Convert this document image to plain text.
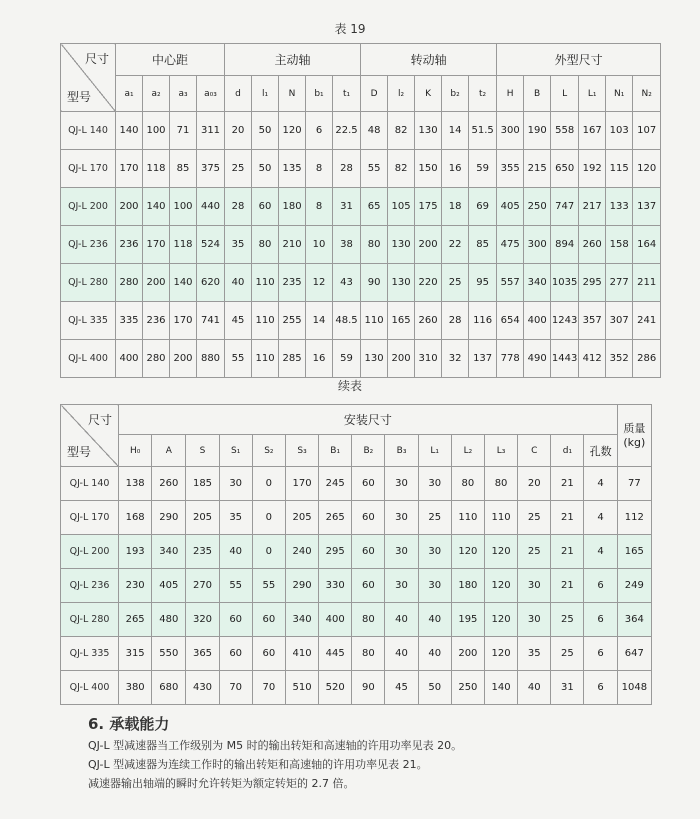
表 19
尺寸
型号	中心距				主动轴					转动轴					外型尺寸					
	a₁	a₂	a₃	a₀₃	d	l₁	N	b₁	t₁	D	l₂	K	b₂	t₂	H	B	L	L₁	N₁	N₂
QJ-L 140	140	100	71	311	20	50	120	6	22.5	48	82	130	14	51.5	300	190	558	167	103	107
QJ-L 170	170	118	85	375	25	50	135	8	28	55	82	150	16	59	355	215	650	192	115	120
QJ-L 200	200	140	100	440	28	60	180	8	31	65	105	175	18	69	405	250	747	217	133	137
QJ-L 236	236	170	118	524	35	80	210	10	38	80	130	200	22	85	475	300	894	260	158	164
QJ-L 280	280	200	140	620	40	110	235	12	43	90	130	220	25	95	557	340	1035	295	277	211
QJ-L 335	335	236	170	741	45	110	255	14	48.5	110	165	260	28	116	654	400	1243	357	307	241
QJ-L 400	400	280	200	880	55	110	285	16	59	130	200	310	32	137	778	490	1443	412	352	286
续表
尺寸
型号	安装尺寸															质量
(kg)
	H₀	A	S	S₁	S₂	S₃	B₁	B₂	B₃	L₁	L₂	L₃	C	d₁	孔数	
QJ-L 140	138	260	185	30	0	170	245	60	30	30	80	80	20	21	4	77
QJ-L 170	168	290	205	35	0	205	265	60	30	25	110	110	25	21	4	112
QJ-L 200	193	340	235	40	0	240	295	60	30	30	120	120	25	21	4	165
QJ-L 236	230	405	270	55	55	290	330	60	30	30	180	120	30	21	6	249
QJ-L 280	265	480	320	60	60	340	400	80	40	40	195	120	30	25	6	364
QJ-L 335	315	550	365	60	60	410	445	80	40	40	200	120	35	25	6	647
QJ-L 400	380	680	430	70	70	510	520	90	45	50	250	140	40	31	6	1048
6. 承载能力
QJ-L 型减速器当工作级别为 M5 时的输出转矩和高速轴的许用功率见表 20。
QJ-L 型减速器为连续工作时的输出转矩和高速轴的许用功率见表 21。
减速器输出轴端的瞬时允许转矩为额定转矩的 2.7 倍。
